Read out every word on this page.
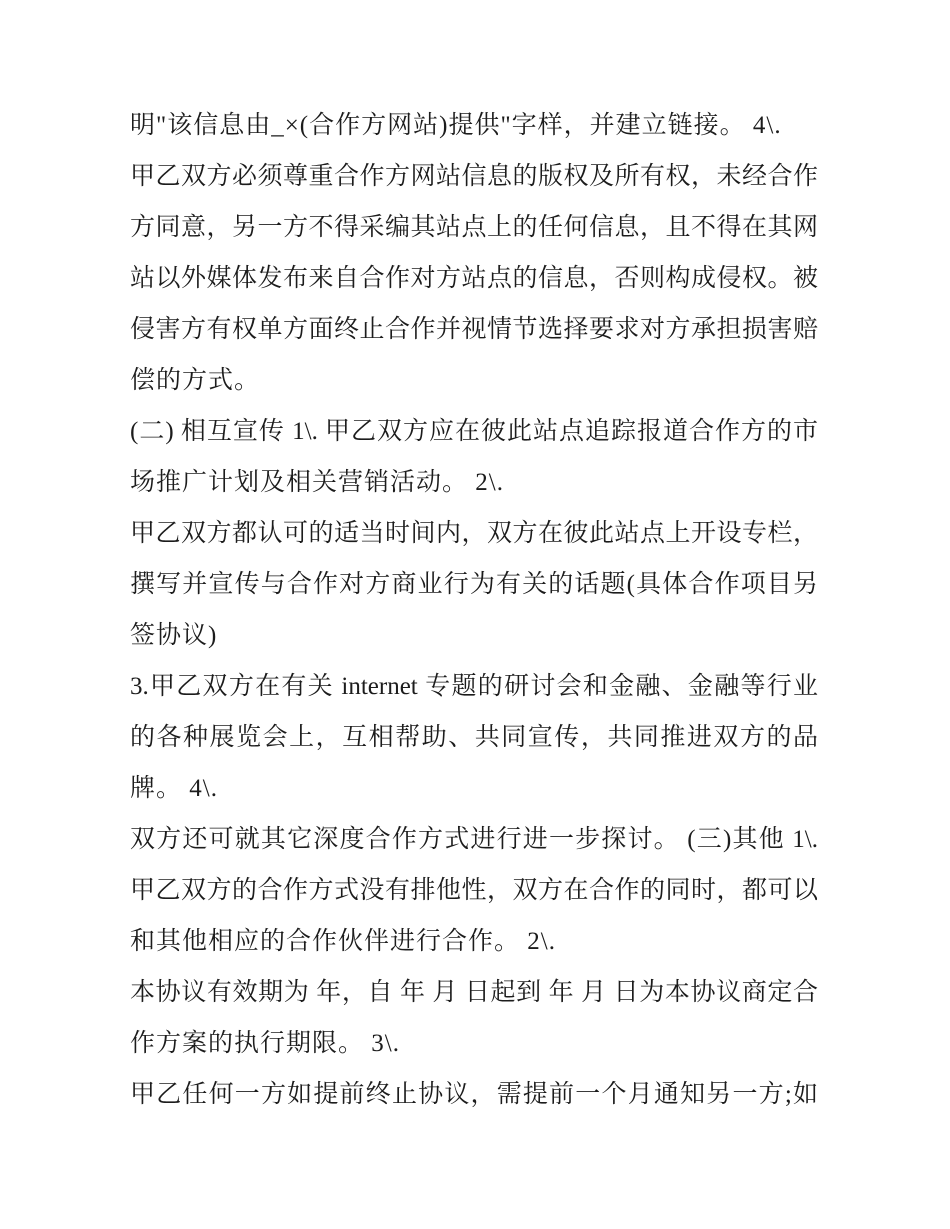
明"该信息由_×(合作方网站)提供"字样，并建立链接。 4\.
甲乙双方必须尊重合作方网站信息的版权及所有权，未经合作
方同意，另一方不得采编其站点上的任何信息，且不得在其网
站以外媒体发布来自合作对方站点的信息，否则构成侵权。被
侵害方有权单方面终止合作并视情节选择要求对方承担损害赔
偿的方式。
(二) 相互宣传 1\. 甲乙双方应在彼此站点追踪报道合作方的市
场推广计划及相关营销活动。 2\.
甲乙双方都认可的适当时间内，双方在彼此站点上开设专栏，
撰写并宣传与合作对方商业行为有关的话题(具体合作项目另
签协议)
3.甲乙双方在有关 internet 专题的研讨会和金融、金融等行业
的各种展览会上，互相帮助、共同宣传，共同推进双方的品
牌。 4\.
双方还可就其它深度合作方式进行进一步探讨。 (三)其他 1\.
甲乙双方的合作方式没有排他性，双方在合作的同时，都可以
和其他相应的合作伙伴进行合作。 2\.
本协议有效期为 年，自 年 月 日起到 年 月 日为本协议商定合
作方案的执行期限。 3\.
甲乙任何一方如提前终止协议，需提前一个月通知另一方;如
